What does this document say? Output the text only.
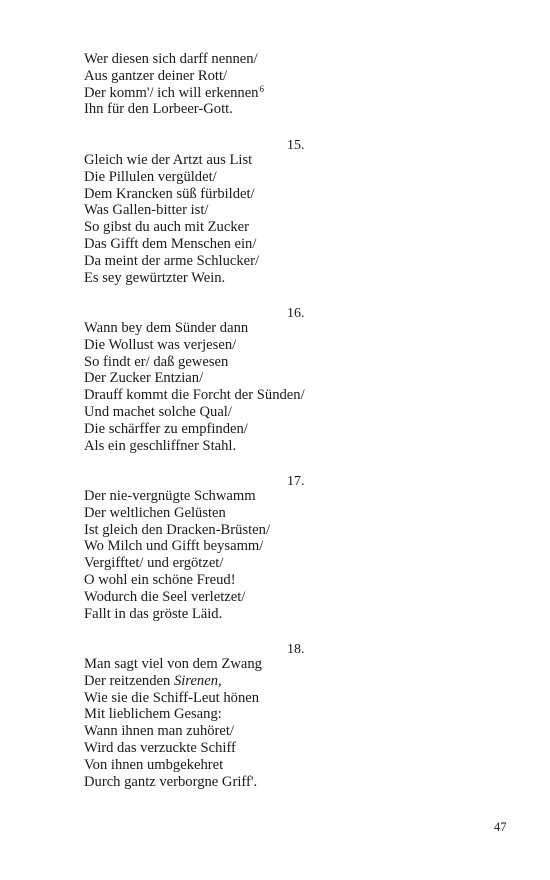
Wer diesen sich darff nennen/
Aus gantzer deiner Rott/
Der komm'/ ich will erkennen$^6$
Ihn für den Lorbeer-Gott.
15.
Gleich wie der Artzt aus List
Die Pillulen vergüldet/
Dem Krancken süß fürbildet/
Was Gallen-bitter ist/
So gibst du auch mit Zucker
Das Gifft dem Menschen ein/
Da meint der arme Schlucker/
Es sey gewürtzter Wein.
16.
Wann bey dem Sünder dann
Die Wollust was verjesen/
So findt er/ daß gewesen
Der Zucker Entzian/
Drauff kommt die Forcht der Sünden/
Und machet solche Qual/
Die schärffer zu empfinden/
Als ein geschliffner Stahl.
17.
Der nie-vergnügte Schwamm
Der weltlichen Gelüsten
Ist gleich den Dracken-Brüsten/
Wo Milch und Gifft beysamm/
Vergifftet/ und ergötzet/
O wohl ein schöne Freud!
Wodurch die Seel verletzet/
Fallt in das gröste Läid.
18.
Man sagt viel von dem Zwang
Der reitzenden Sirenen,
Wie sie die Schiff-Leut hönen
Mit lieblichem Gesang:
Wann ihnen man zuhöret/
Wird das verzuckte Schiff
Von ihnen umbgekehret
Durch gantz verborgne Griff'.
47
